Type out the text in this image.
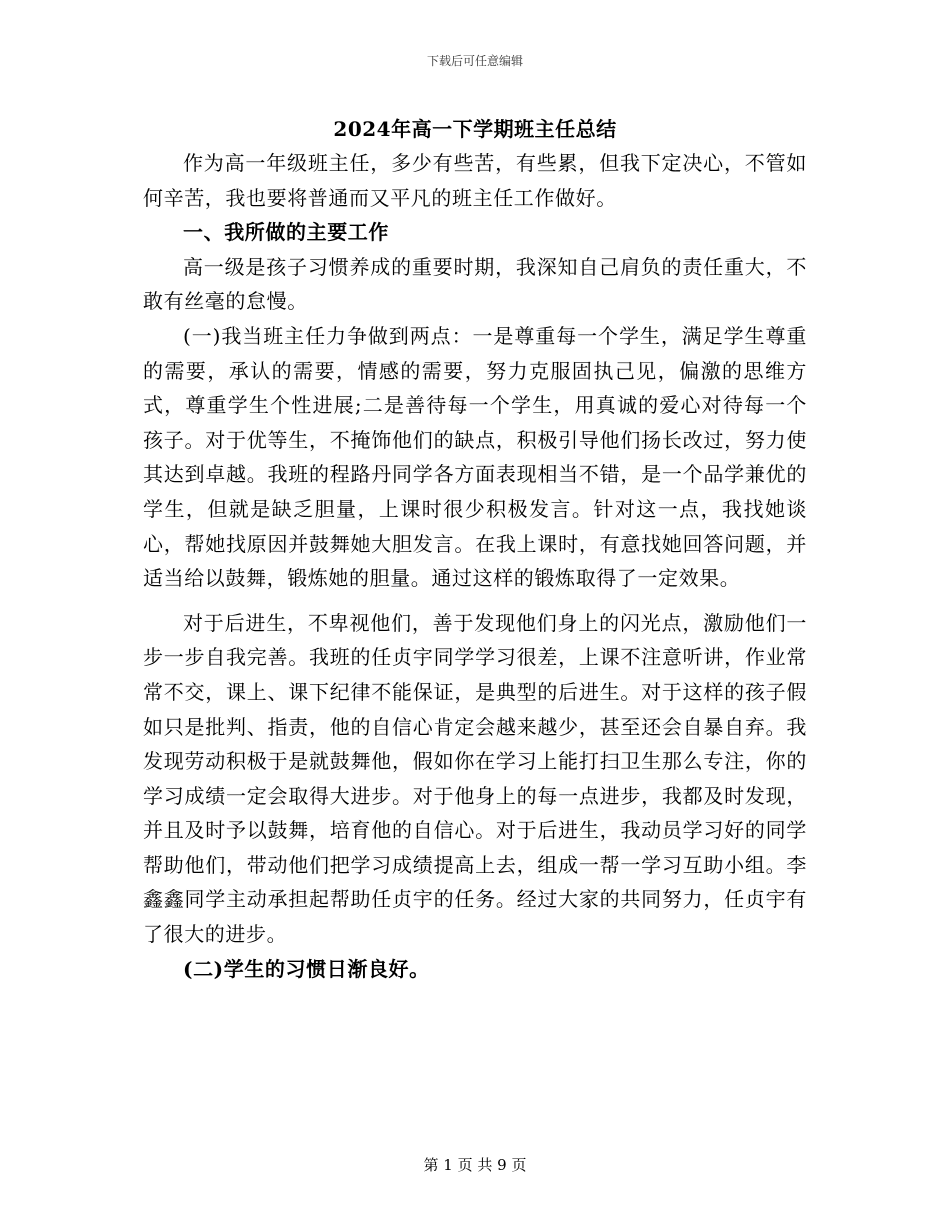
下载后可任意编辑
2024年高一下学期班主任总结

作为高一年级班主任，多少有些苦，有些累，但我下定决心，不管如何辛苦，我也要将普通而又平凡的班主任工作做好。

一、我所做的主要工作

高一级是孩子习惯养成的重要时期，我深知自己肩负的责任重大，不敢有丝毫的怠慢。

(一)我当班主任力争做到两点：一是尊重每一个学生，满足学生尊重的需要，承认的需要，情感的需要，努力克服固执己见，偏激的思维方式，尊重学生个性进展;二是善待每一个学生，用真诚的爱心对待每一个孩子。对于优等生，不掩饰他们的缺点，积极引导他们扬长改过，努力使其达到卓越。我班的程路丹同学各方面表现相当不错，是一个品学兼优的学生，但就是缺乏胆量，上课时很少积极发言。针对这一点，我找她谈心，帮她找原因并鼓舞她大胆发言。在我上课时，有意找她回答问题，并适当给以鼓舞，锻炼她的胆量。通过这样的锻炼取得了一定效果。

对于后进生，不卑视他们，善于发现他们身上的闪光点，激励他们一步一步自我完善。我班的任贞宇同学学习很差，上课不注意听讲，作业常常不交，课上、课下纪律不能保证，是典型的后进生。对于这样的孩子假如只是批判、指责，他的自信心肯定会越来越少，甚至还会自暴自弃。我发现劳动积极于是就鼓舞他，假如你在学习上能打扫卫生那么专注，你的学习成绩一定会取得大进步。对于他身上的每一点进步，我都及时发现，并且及时予以鼓舞，培育他的自信心。对于后进生，我动员学习好的同学帮助他们，带动他们把学习成绩提高上去，组成一帮一学习互助小组。李鑫鑫同学主动承担起帮助任贞宇的任务。经过大家的共同努力，任贞宇有了很大的进步。

(二)学生的习惯日渐良好。

第 1 页 共 9 页
